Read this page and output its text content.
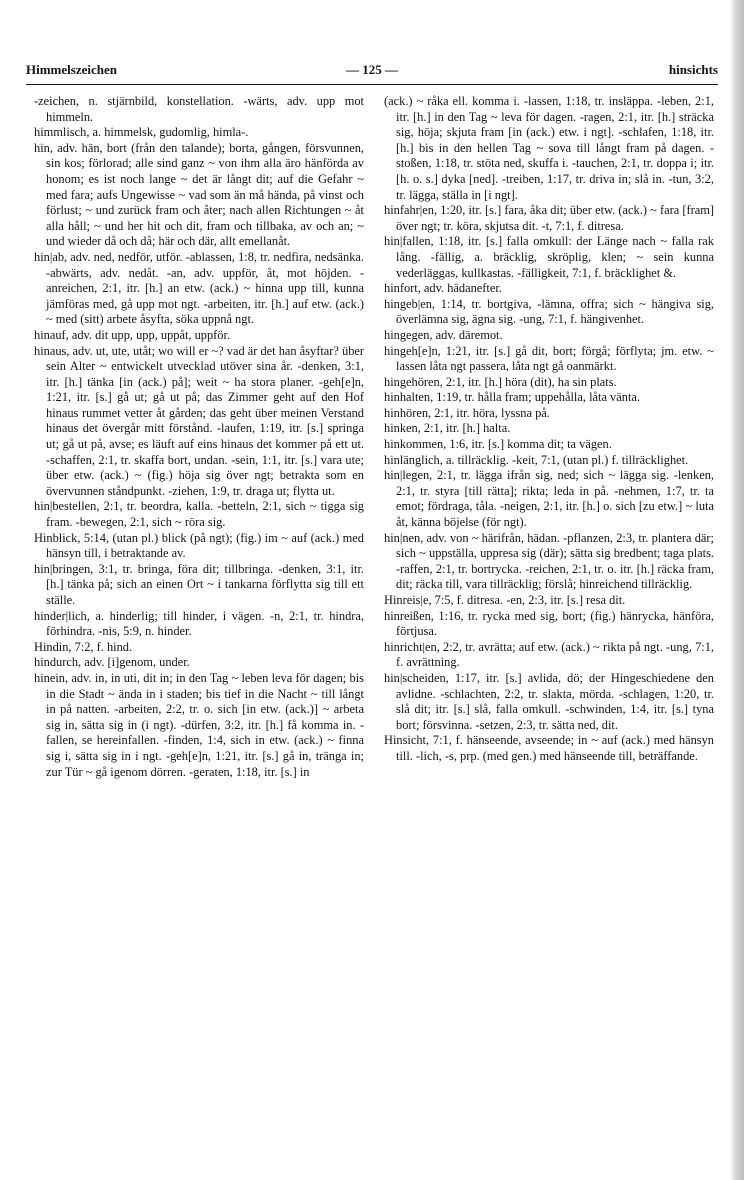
Himmelszeichen	— 125 —	hinsichts

-zeichen, n. stjärnbild, konstellation. -wärts, adv. upp mot himmeln.

himmlisch, a. himmelsk, gudomlig, himla-.

hin, adv. hän, bort (från den talande); borta, gången, försvunnen, sin kos; förlorad; alle sind ganz ~ von ihm alla äro hänförda av honom; es ist noch lange ~ det är långt dit; auf die Gefahr ~ med fara; aufs Ungewisse ~ vad som än må hända, på vinst och förlust; ~ und zurück fram och åter; nach allen Richtungen ~ åt alla håll; ~ und her hit och dit, fram och tillbaka, av och an; ~ und wieder då och då; här och där, allt emellanåt.

hin|ab, adv. ned, nedför, utför. -ablassen, 1:8, tr. nedfira, nedsänka. -abwärts, adv. nedåt. -an, adv. uppför, åt, mot höjden. -anreichen, 2:1, itr. [h.] an etw. (ack.) ~ hinna upp till, kunna jämföras med, gå upp mot ngt. -arbeiten, itr. [h.] auf etw. (ack.) ~ med (sitt) arbete åsyfta, söka uppnå ngt.

hinauf, adv. dit upp, upp, uppåt, uppför.

hinaus, adv. ut, ute, utåt; wo will er ~? vad är det han åsyftar? über sein Alter ~ entwickelt utvecklad utöver sina år. -denken, 3:1, itr. [h.] tänka [in (ack.) på]; weit ~ ha stora planer. -geh[e]n, 1:21, itr. [s.] gå ut; gå ut på; das Zimmer geht auf den Hof hinaus rummet vetter åt gården; das geht über meinen Verstand hinaus det övergår mitt förstånd. -laufen, 1:19, itr. [s.] springa ut; gå ut på, avse; es läuft auf eins hinaus det kommer på ett ut. -schaffen, 2:1, tr. skaffa bort, undan. -sein, 1:1, itr. [s.] vara ute; über etw. (ack.) ~ (fig.) höja sig över ngt; betrakta som en övervunnen ståndpunkt. -ziehen, 1:9, tr. draga ut; flytta ut.

hin|bestellen, 2:1, tr. beordra, kalla. -betteln, 2:1, sich ~ tigga sig fram. -bewegen, 2:1, sich ~ röra sig.

Hinblick, 5:14, (utan pl.) blick (på ngt); (fig.) im ~ auf (ack.) med hänsyn till, i betraktande av.

hin|bringen, 3:1, tr. bringa, föra dit; tillbringa. -denken, 3:1, itr. [h.] tänka på; sich an einen Ort ~ i tankarna förflytta sig till ett ställe.

hinder|lich, a. hinderlig; till hinder, i vägen. -n, 2:1, tr. hindra, förhindra. -nis, 5:9, n. hinder.

Hindin, 7:2, f. hind.

hindurch, adv. [i]genom, under.

hinein, adv. in, in uti, dit in; in den Tag ~ leben leva för dagen; bis in die Stadt ~ ända in i staden; bis tief in die Nacht ~ till långt in på natten. -arbeiten, 2:2, tr. o. sich [in etw. (ack.)] ~ arbeta sig in, sätta sig in (i ngt). -dürfen, 3:2, itr. [h.] få komma in. -fallen, se hereinfallen. -finden, 1:4, sich in etw. (ack.) ~ finna sig i, sätta sig in i ngt. -geh[e]n, 1:21, itr. [s.] gå in, tränga in; zur Tür ~ gå igenom dörren. -geraten, 1:18, itr. [s.] in

(ack.) ~ råka ell. komma i. -lassen, 1:18, tr. insläppa. -leben, 2:1, itr. [h.] in den Tag ~ leva för dagen. -ragen, 2:1, itr. [h.] sträcka sig, höja; skjuta fram [in (ack.) etw. i ngt]. -schlafen, 1:18, itr. [h.] bis in den hellen Tag ~ sova till långt fram på dagen. -stoßen, 1:18, tr. stöta ned, skuffa i. -tauchen, 2:1, tr. doppa i; itr. [h. o. s.] dyka [ned]. -treiben, 1:17, tr. driva in; slå in. -tun, 3:2, tr. lägga, ställa in [i ngt].

hinfahr|en, 1:20, itr. [s.] fara, åka dit; über etw. (ack.) ~ fara [fram] över ngt; tr. köra, skjutsa dit. -t, 7:1, f. ditresa.

hin|fallen, 1:18, itr. [s.] falla omkull: der Länge nach ~ falla rak lång. -fällig, a. bräcklig, skröplig, klen; ~ sein kunna vederläggas, kullkastas. -fälligkeit, 7:1, f. bräcklighet &.

hinfort, adv. hädanefter.

hingeb|en, 1:14, tr. bortgiva, -lämna, offra; sich ~ hängiva sig, överlämna sig, ägna sig. -ung, 7:1, f. hängivenhet.

hingegen, adv. däremot.

hingeh[e]n, 1:21, itr. [s.] gå dit, bort; förgå; förflyta; jm. etw. ~ lassen låta ngt passera, låta ngt gå oanmärkt.

hingehören, 2:1, itr. [h.] höra (dit), ha sin plats.

hinhalten, 1:19, tr. hålla fram; uppehålla, låta vänta.

hinhören, 2:1, itr. höra, lyssna på.

hinken, 2:1, itr. [h.] halta.

hinkommen, 1:6, itr. [s.] komma dit; ta vägen.

hinlänglich, a. tillräcklig. -keit, 7:1, (utan pl.) f. tillräcklighet.

hin|legen, 2:1, tr. lägga ifrån sig, ned; sich ~ lägga sig. -lenken, 2:1, tr. styra [till rätta]; rikta; leda in på. -nehmen, 1:7, tr. ta emot; fördraga, tåla. -neigen, 2:1, itr. [h.] o. sich [zu etw.] ~ luta åt, känna böjelse (för ngt).

hin|nen, adv. von ~ härifrån, hädan. -pflanzen, 2:3, tr. plantera där; sich ~ uppställa, uppresa sig (där); sätta sig bredbent; taga plats. -raffen, 2:1, tr. bortrycka. -reichen, 2:1, tr. o. itr. [h.] räcka fram, dit; räcka till, vara tillräcklig; förslå; hinreichend tillräcklig.

Hinreis|e, 7:5, f. ditresa. -en, 2:3, itr. [s.] resa dit.

hinreißen, 1:16, tr. rycka med sig, bort; (fig.) hänrycka, hänföra, förtjusa.

hinricht|en, 2:2, tr. avrätta; auf etw. (ack.) ~ rikta på ngt. -ung, 7:1, f. avrättning.

hin|scheiden, 1:17, itr. [s.] avlida, dö; der Hingeschiedene den avlidne. -schlachten, 2:2, tr. slakta, mörda. -schlagen, 1:20, tr. slå dit; itr. [s.] slå, falla omkull. -schwinden, 1:4, itr. [s.] tyna bort; försvinna. -setzen, 2:3, tr. sätta ned, dit.

Hinsicht, 7:1, f. hänseende, avseende; in ~ auf (ack.) med hänsyn till. -lich, -s, prp. (med gen.) med hänseende till, beträffande.
